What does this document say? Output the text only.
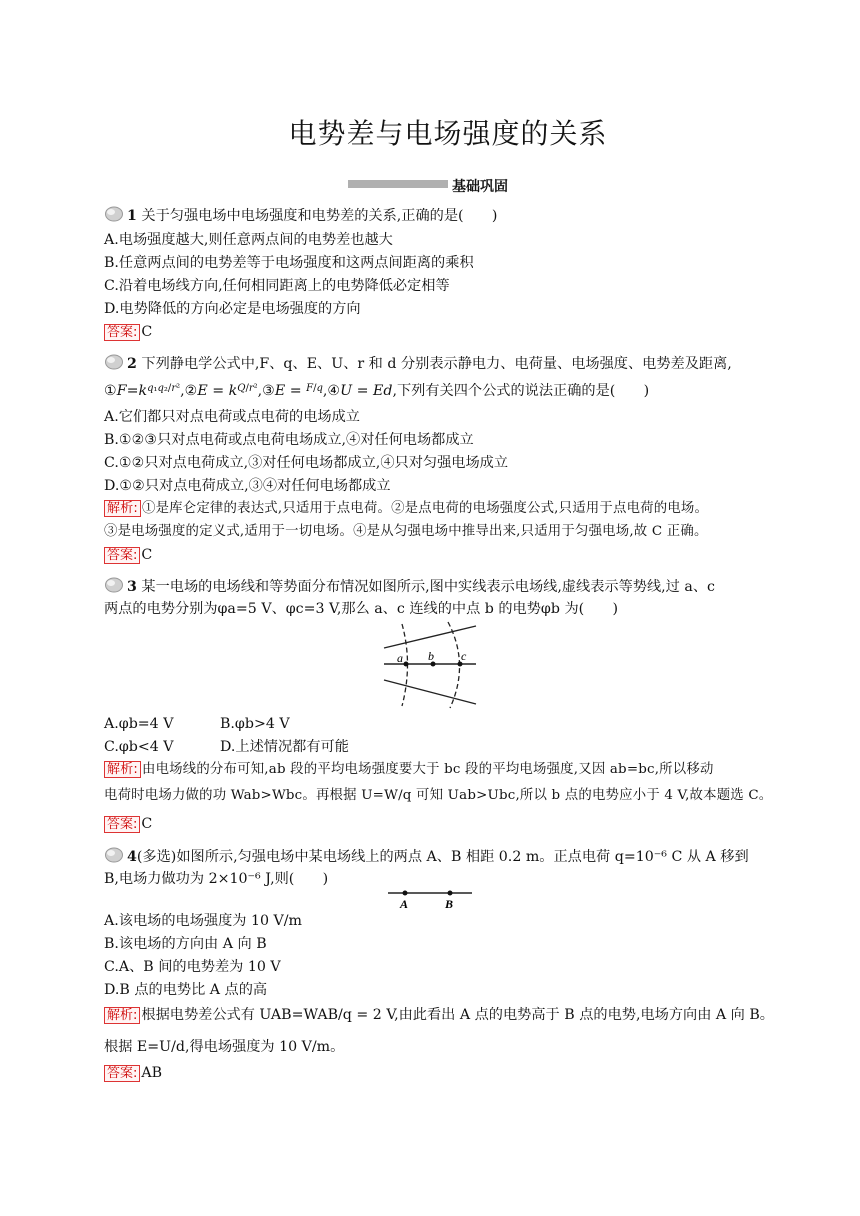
电势差与电场强度的关系
基础巩固
1 关于匀强电场中电场强度和电势差的关系,正确的是(　　)
A.电场强度越大,则任意两点间的电势差也越大
B.任意两点间的电势差等于电场强度和这两点间距离的乘积
C.沿着电场线方向,任何相同距离上的电势降低必定相等
D.电势降低的方向必定是电场强度的方向
答案: C
2 下列静电学公式中,F、q、E、U、r 和 d 分别表示静电力、电荷量、电场强度、电势差及距离,
$①F=k^{q_1q_2/r^2},②E$ = $k^{Q/r^2},③E$ = $^{F/q}$,④U = Ed,下列有关四个公式的说法正确的是(　　)
A.它们都只对点电荷或点电荷的电场成立
B.①②③只对点电荷或点电荷电场成立,④对任何电场都成立
C.①②只对点电荷成立,③对任何电场都成立,④只对匀强电场成立
D.①②只对点电荷成立,③④对任何电场都成立
解析: ①是库仑定律的表达式,只适用于点电荷。②是点电荷的电场强度公式,只适用于点电荷的电场。
③是电场强度的定义式,适用于一切电场。④是从匀强电场中推导出来,只适用于匀强电场,故 C 正确。
答案: C
3 某一电场的电场线和等势面分布情况如图所示,图中实线表示电场线,虚线表示等势线,过 a、c
两点的电势分别为φa=5 V、φc=3 V,那么 a、c 连线的中点 b 的电势φb 为(　　)
a b c
A.φb=4 V	B.φb>4 V
C.φb<4 V	D.上述情况都有可能
解析: 由电场线的分布可知,ab 段的平均电场强度要大于 bc 段的平均电场强度,又因 ab=bc,所以移动
电荷时电场力做的功 Wab>Wbc。再根据 U=W/q 可知 Uab>Ubc,所以 b 点的电势应小于 4 V,故本题选 C。
答案: C
4(多选)如图所示,匀强电场中某电场线上的两点 A、B 相距 0.2 m。正点电荷 q=10⁻⁶ C 从 A 移到
B,电场力做功为 2×10⁻⁶ J,则(　　)
A	B
A.该电场的电场强度为 10 V/m
B.该电场的方向由 A 向 B
C.A、B 间的电势差为 10 V
D.B 点的电势比 A 点的高
解析: 根据电势差公式有 UAB=WAB/q = 2 V,由此看出 A 点的电势高于 B 点的电势,电场方向由 A 向 B。
根据 E=U/d,得电场强度为 10 V/m。
答案: AB
